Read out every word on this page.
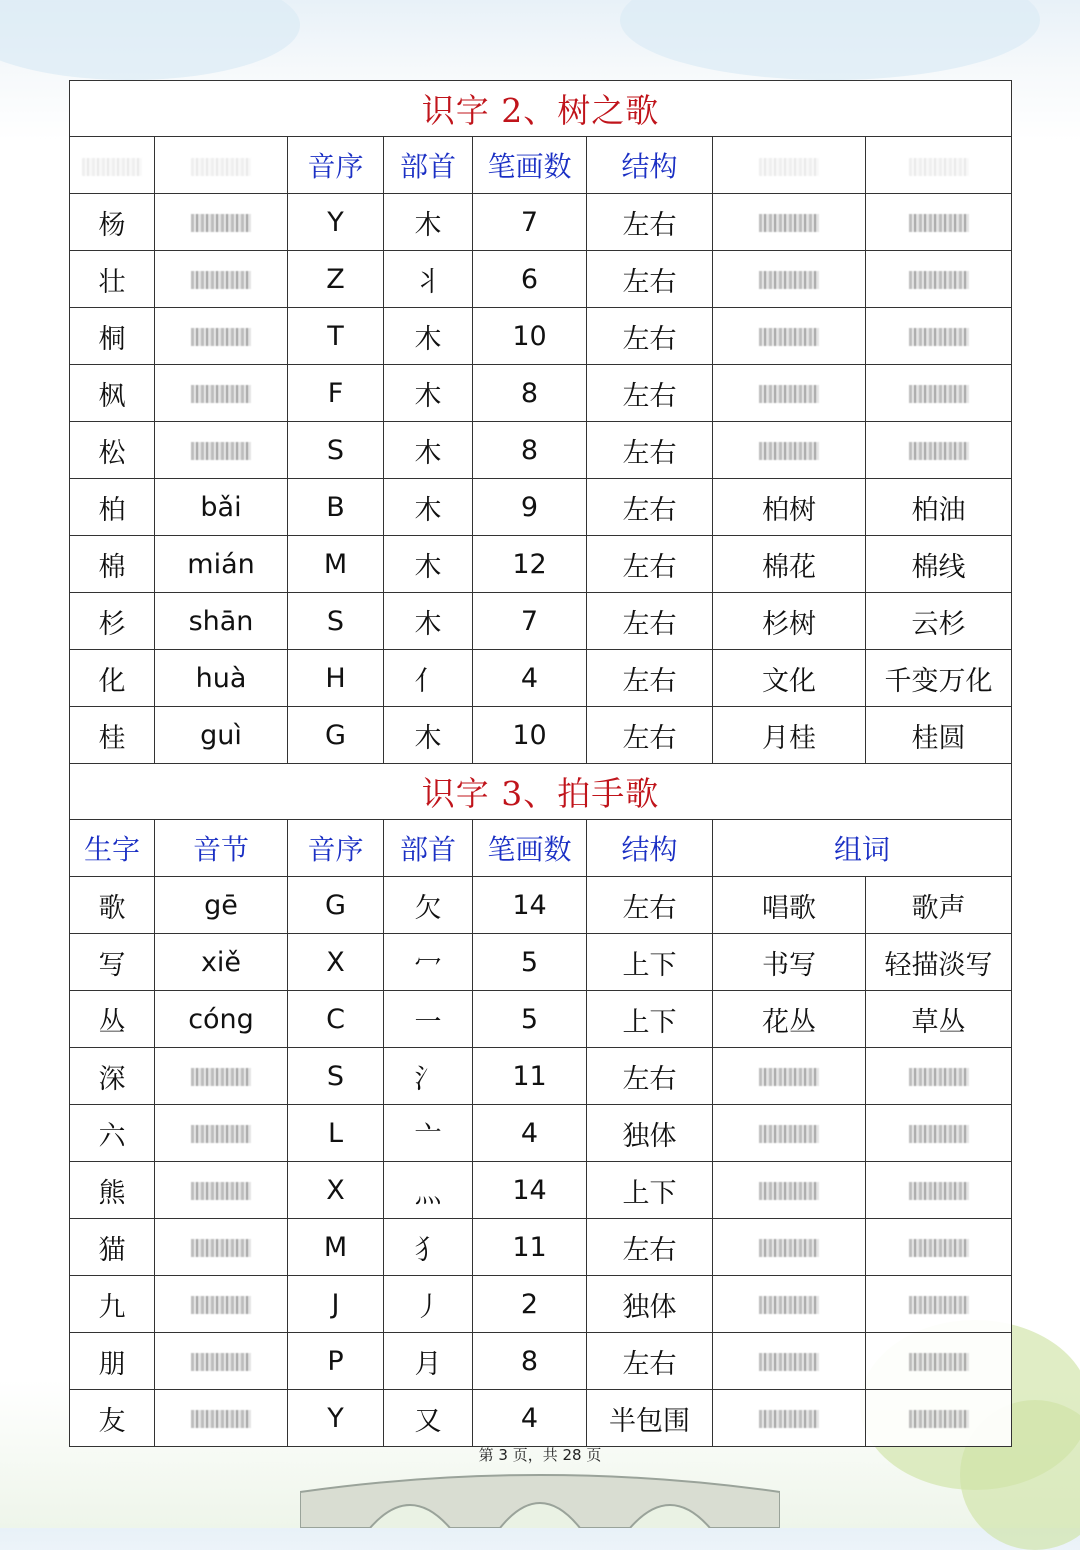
识字 2、树之歌							
		音序	部首	笔画数	结构		
杨		Y	木	7	左右		
壮		Z	丬	6	左右		
桐		T	木	10	左右		
枫		F	木	8	左右		
松		S	木	8	左右		
柏	bǎi	B	木	9	左右	柏树	柏油
棉	mián	M	木	12	左右	棉花	棉线
杉	shān	S	木	7	左右	杉树	云杉
化	huà	H	亻	4	左右	文化	千变万化
桂	guì	G	木	10	左右	月桂	桂圆
识字 3、拍手歌							
生字	音节	音序	部首	笔画数	结构	组词	
歌	gē	G	欠	14	左右	唱歌	歌声
写	xiě	X	冖	5	上下	书写	轻描淡写
丛	cóng	C	一	5	上下	花丛	草丛
深		S	氵	11	左右		
六		L	亠	4	独体		
熊		X	灬	14	上下		
猫		M	犭	11	左右		
九		J	丿	2	独体		
朋		P	月	8	左右		
友		Y	又	4	半包围		
第 3 页，共 28 页
